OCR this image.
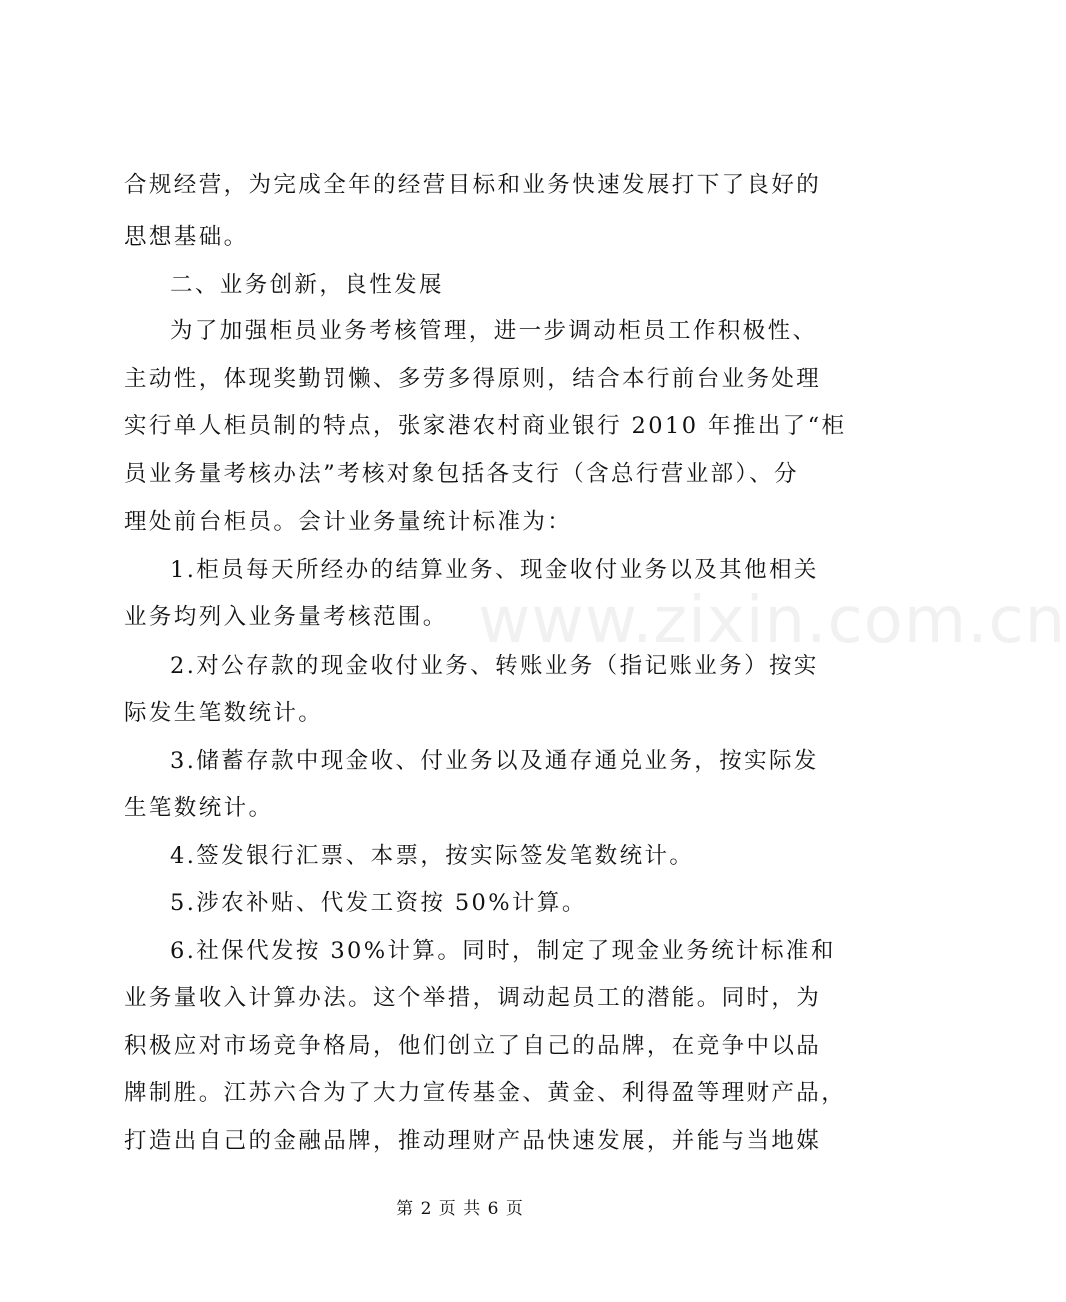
www.zixin.com.cn
合规经营，为完成全年的经营目标和业务快速发展打下了良好的
思想基础。
二、业务创新，良性发展
为了加强柜员业务考核管理，进一步调动柜员工作积极性、
主动性，体现奖勤罚懒、多劳多得原则，结合本行前台业务处理
实行单人柜员制的特点，张家港农村商业银行 2010 年推出了“柜
员业务量考核办法”考核对象包括各支行（含总行营业部）、分
理处前台柜员。会计业务量统计标准为：
1.柜员每天所经办的结算业务、现金收付业务以及其他相关
业务均列入业务量考核范围。
2.对公存款的现金收付业务、转账业务（指记账业务）按实
际发生笔数统计。
3.储蓄存款中现金收、付业务以及通存通兑业务，按实际发
生笔数统计。
4.签发银行汇票、本票，按实际签发笔数统计。
5.涉农补贴、代发工资按 50%计算。
6.社保代发按 30%计算。同时，制定了现金业务统计标准和
业务量收入计算办法。这个举措，调动起员工的潜能。同时，为
积极应对市场竞争格局，他们创立了自己的品牌，在竞争中以品
牌制胜。江苏六合为了大力宣传基金、黄金、利得盈等理财产品，
打造出自己的金融品牌，推动理财产品快速发展，并能与当地媒
第 2 页 共 6 页
